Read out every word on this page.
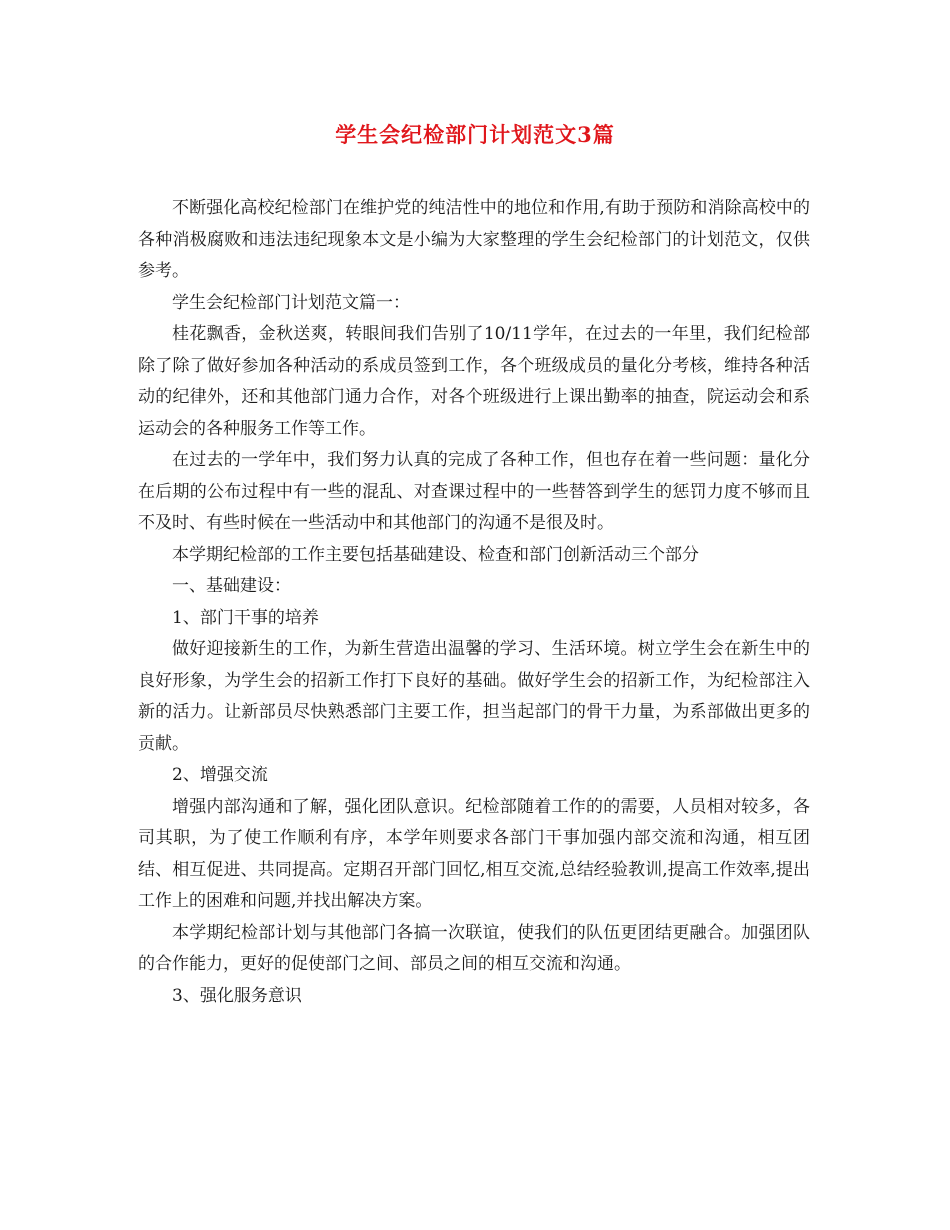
学生会纪检部门计划范文3篇

不断强化高校纪检部门在维护党的纯洁性中的地位和作用,有助于预防和消除高校中的各种消极腐败和违法违纪现象本文是小编为大家整理的学生会纪检部门的计划范文，仅供参考。

学生会纪检部门计划范文篇一：

桂花飘香，金秋送爽，转眼间我们告别了10/11学年，在过去的一年里，我们纪检部除了除了做好参加各种活动的系成员签到工作，各个班级成员的量化分考核，维持各种活动的纪律外，还和其他部门通力合作，对各个班级进行上课出勤率的抽查，院运动会和系运动会的各种服务工作等工作。

在过去的一学年中，我们努力认真的完成了各种工作，但也存在着一些问题：量化分在后期的公布过程中有一些的混乱、对查课过程中的一些替答到学生的惩罚力度不够而且不及时、有些时候在一些活动中和其他部门的沟通不是很及时。

本学期纪检部的工作主要包括基础建设、检查和部门创新活动三个部分

一、基础建设：

1、部门干事的培养

做好迎接新生的工作，为新生营造出温馨的学习、生活环境。树立学生会在新生中的良好形象，为学生会的招新工作打下良好的基础。做好学生会的招新工作，为纪检部注入新的活力。让新部员尽快熟悉部门主要工作，担当起部门的骨干力量，为系部做出更多的贡献。

2、增强交流

增强内部沟通和了解，强化团队意识。纪检部随着工作的的需要，人员相对较多，各司其职，为了使工作顺利有序，本学年则要求各部门干事加强内部交流和沟通，相互团结、相互促进、共同提高。定期召开部门回忆,相互交流,总结经验教训,提高工作效率,提出工作上的困难和问题,并找出解决方案。

本学期纪检部计划与其他部门各搞一次联谊，使我们的队伍更团结更融合。加强团队的合作能力，更好的促使部门之间、部员之间的相互交流和沟通。

3、强化服务意识
